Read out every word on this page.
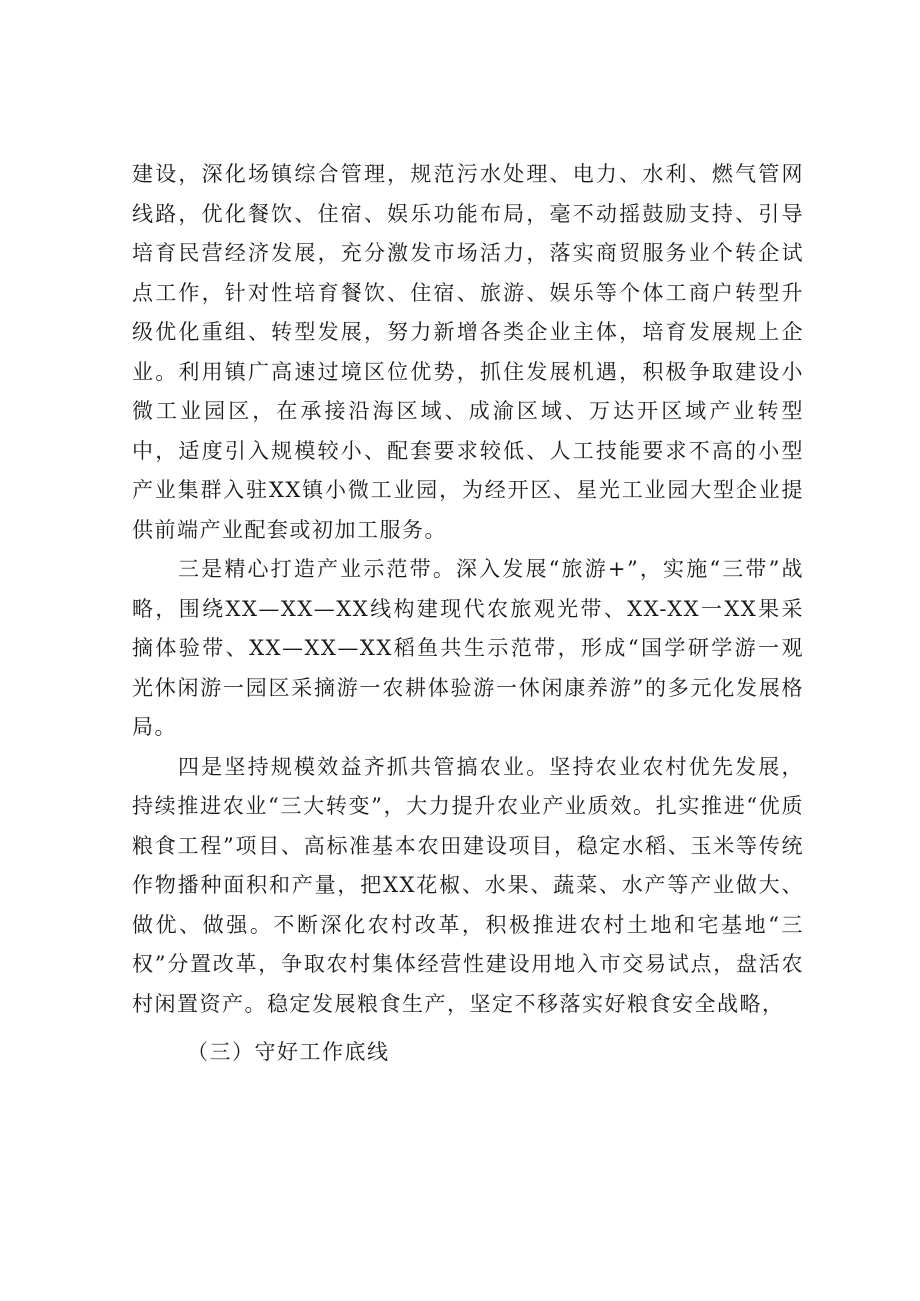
建设，深化场镇综合管理，规范污水处理、电力、水利、燃气管网线路，优化餐饮、住宿、娱乐功能布局，毫不动摇鼓励支持、引导培育民营经济发展，充分激发市场活力，落实商贸服务业个转企试点工作，针对性培育餐饮、住宿、旅游、娱乐等个体工商户转型升级优化重组、转型发展，努力新增各类企业主体，培育发展规上企业。利用镇广高速过境区位优势，抓住发展机遇，积极争取建设小微工业园区，在承接沿海区域、成渝区域、万达开区域产业转型中，适度引入规模较小、配套要求较低、人工技能要求不高的小型产业集群入驻XX镇小微工业园，为经开区、星光工业园大型企业提供前端产业配套或初加工服务。

三是精心打造产业示范带。深入发展“旅游+”，实施“三带”战略，围绕XX—XX—XX线构建现代农旅观光带、XX-XX一XX果采摘体验带、XX—XX—XX稻鱼共生示范带，形成“国学研学游一观光休闲游一园区采摘游一农耕体验游一休闲康养游”的多元化发展格局。

四是坚持规模效益齐抓共管搞农业。坚持农业农村优先发展，持续推进农业“三大转变”，大力提升农业产业质效。扎实推进“优质粮食工程”项目、高标准基本农田建设项目，稳定水稻、玉米等传统作物播种面积和产量，把XX花椒、水果、蔬菜、水产等产业做大、做优、做强。不断深化农村改革，积极推进农村土地和宅基地“三权”分置改革，争取农村集体经营性建设用地入市交易试点，盘活农村闲置资产。稳定发展粮食生产，坚定不移落实好粮食安全战略，

（三）守好工作底线
